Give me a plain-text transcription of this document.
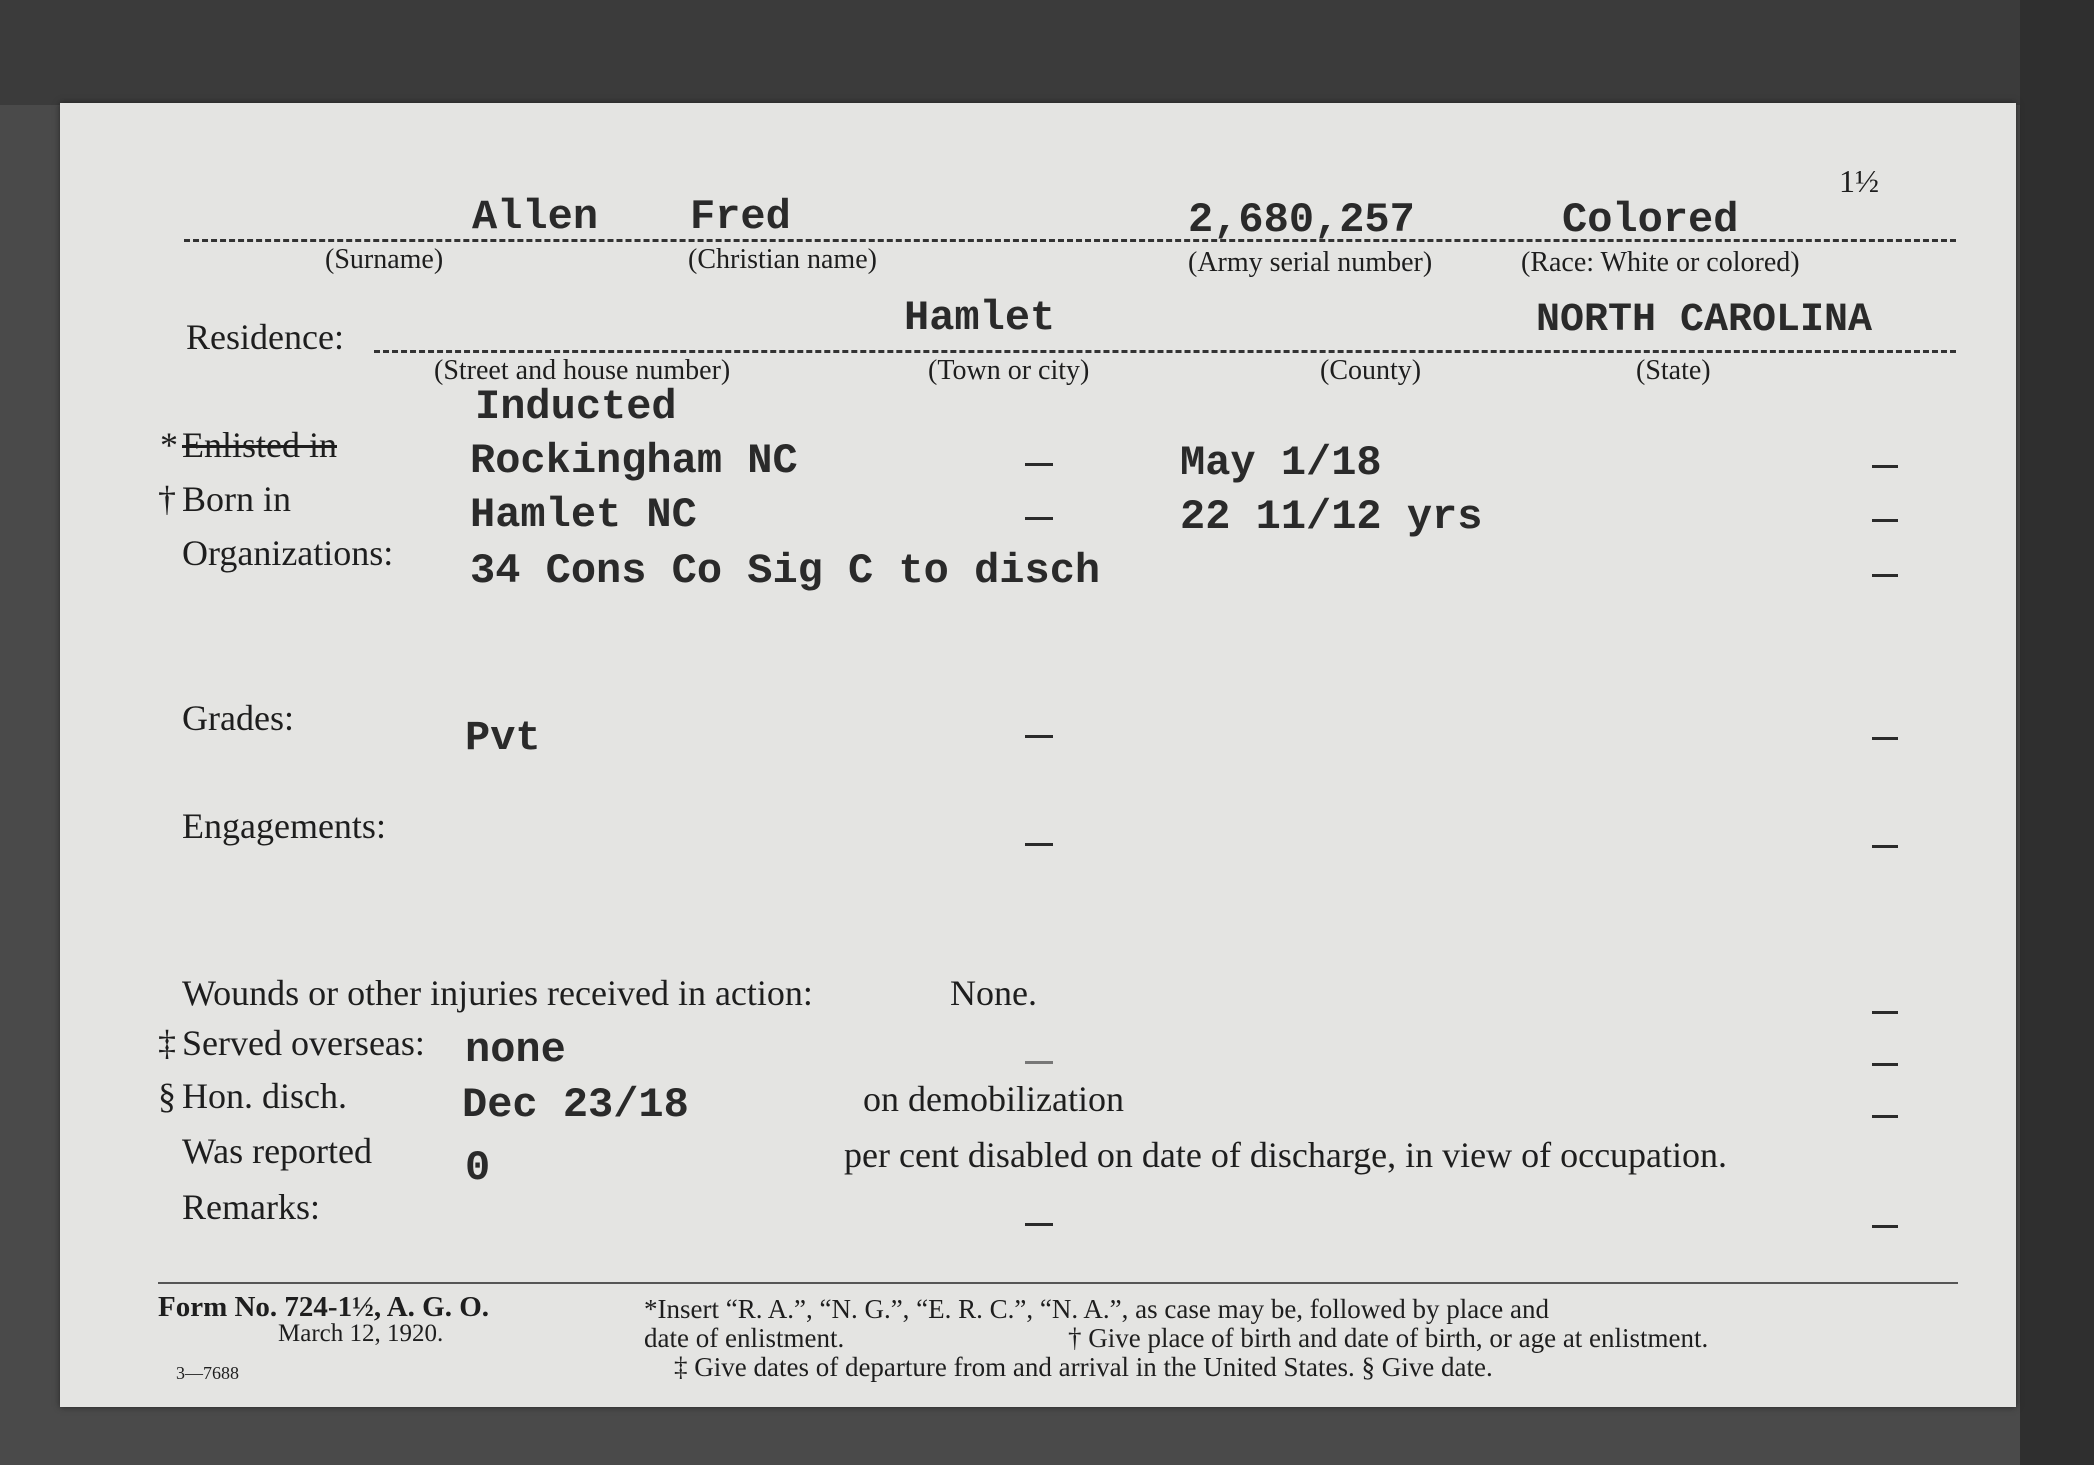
1½
Allen Fred	2,680,257	Colored
(Surname)	(Christian name)	(Army serial number)	(Race: White or colored)
Residence:	Hamlet	NORTH CAROLINA
(Street and house number)	(Town or city)	(County)	(State)
Inducted
* Enlisted in	Rockingham NC	May 1/18
† Born in	Hamlet NC	22 11/12 yrs
Organizations: 34 Cons Co Sig C to disch
Grades:	Pvt
Engagements:
Wounds or other injuries received in action:	None.
‡ Served overseas: none
§ Hon. disch.	Dec 23/18	on demobilization
Was reported 0	per cent disabled on date of discharge, in view of occupation.
Remarks:
Form No. 724-1½, A. G. O.
March 12, 1920.
3—7688
*Insert “R. A.”, “N. G.”, “E. R. C.”, “N. A.”, as case may be, followed by place and
date of enlistment.	† Give place of birth and date of birth, or age at enlistment.
‡ Give dates of departure from and arrival in the United States. § Give date.
